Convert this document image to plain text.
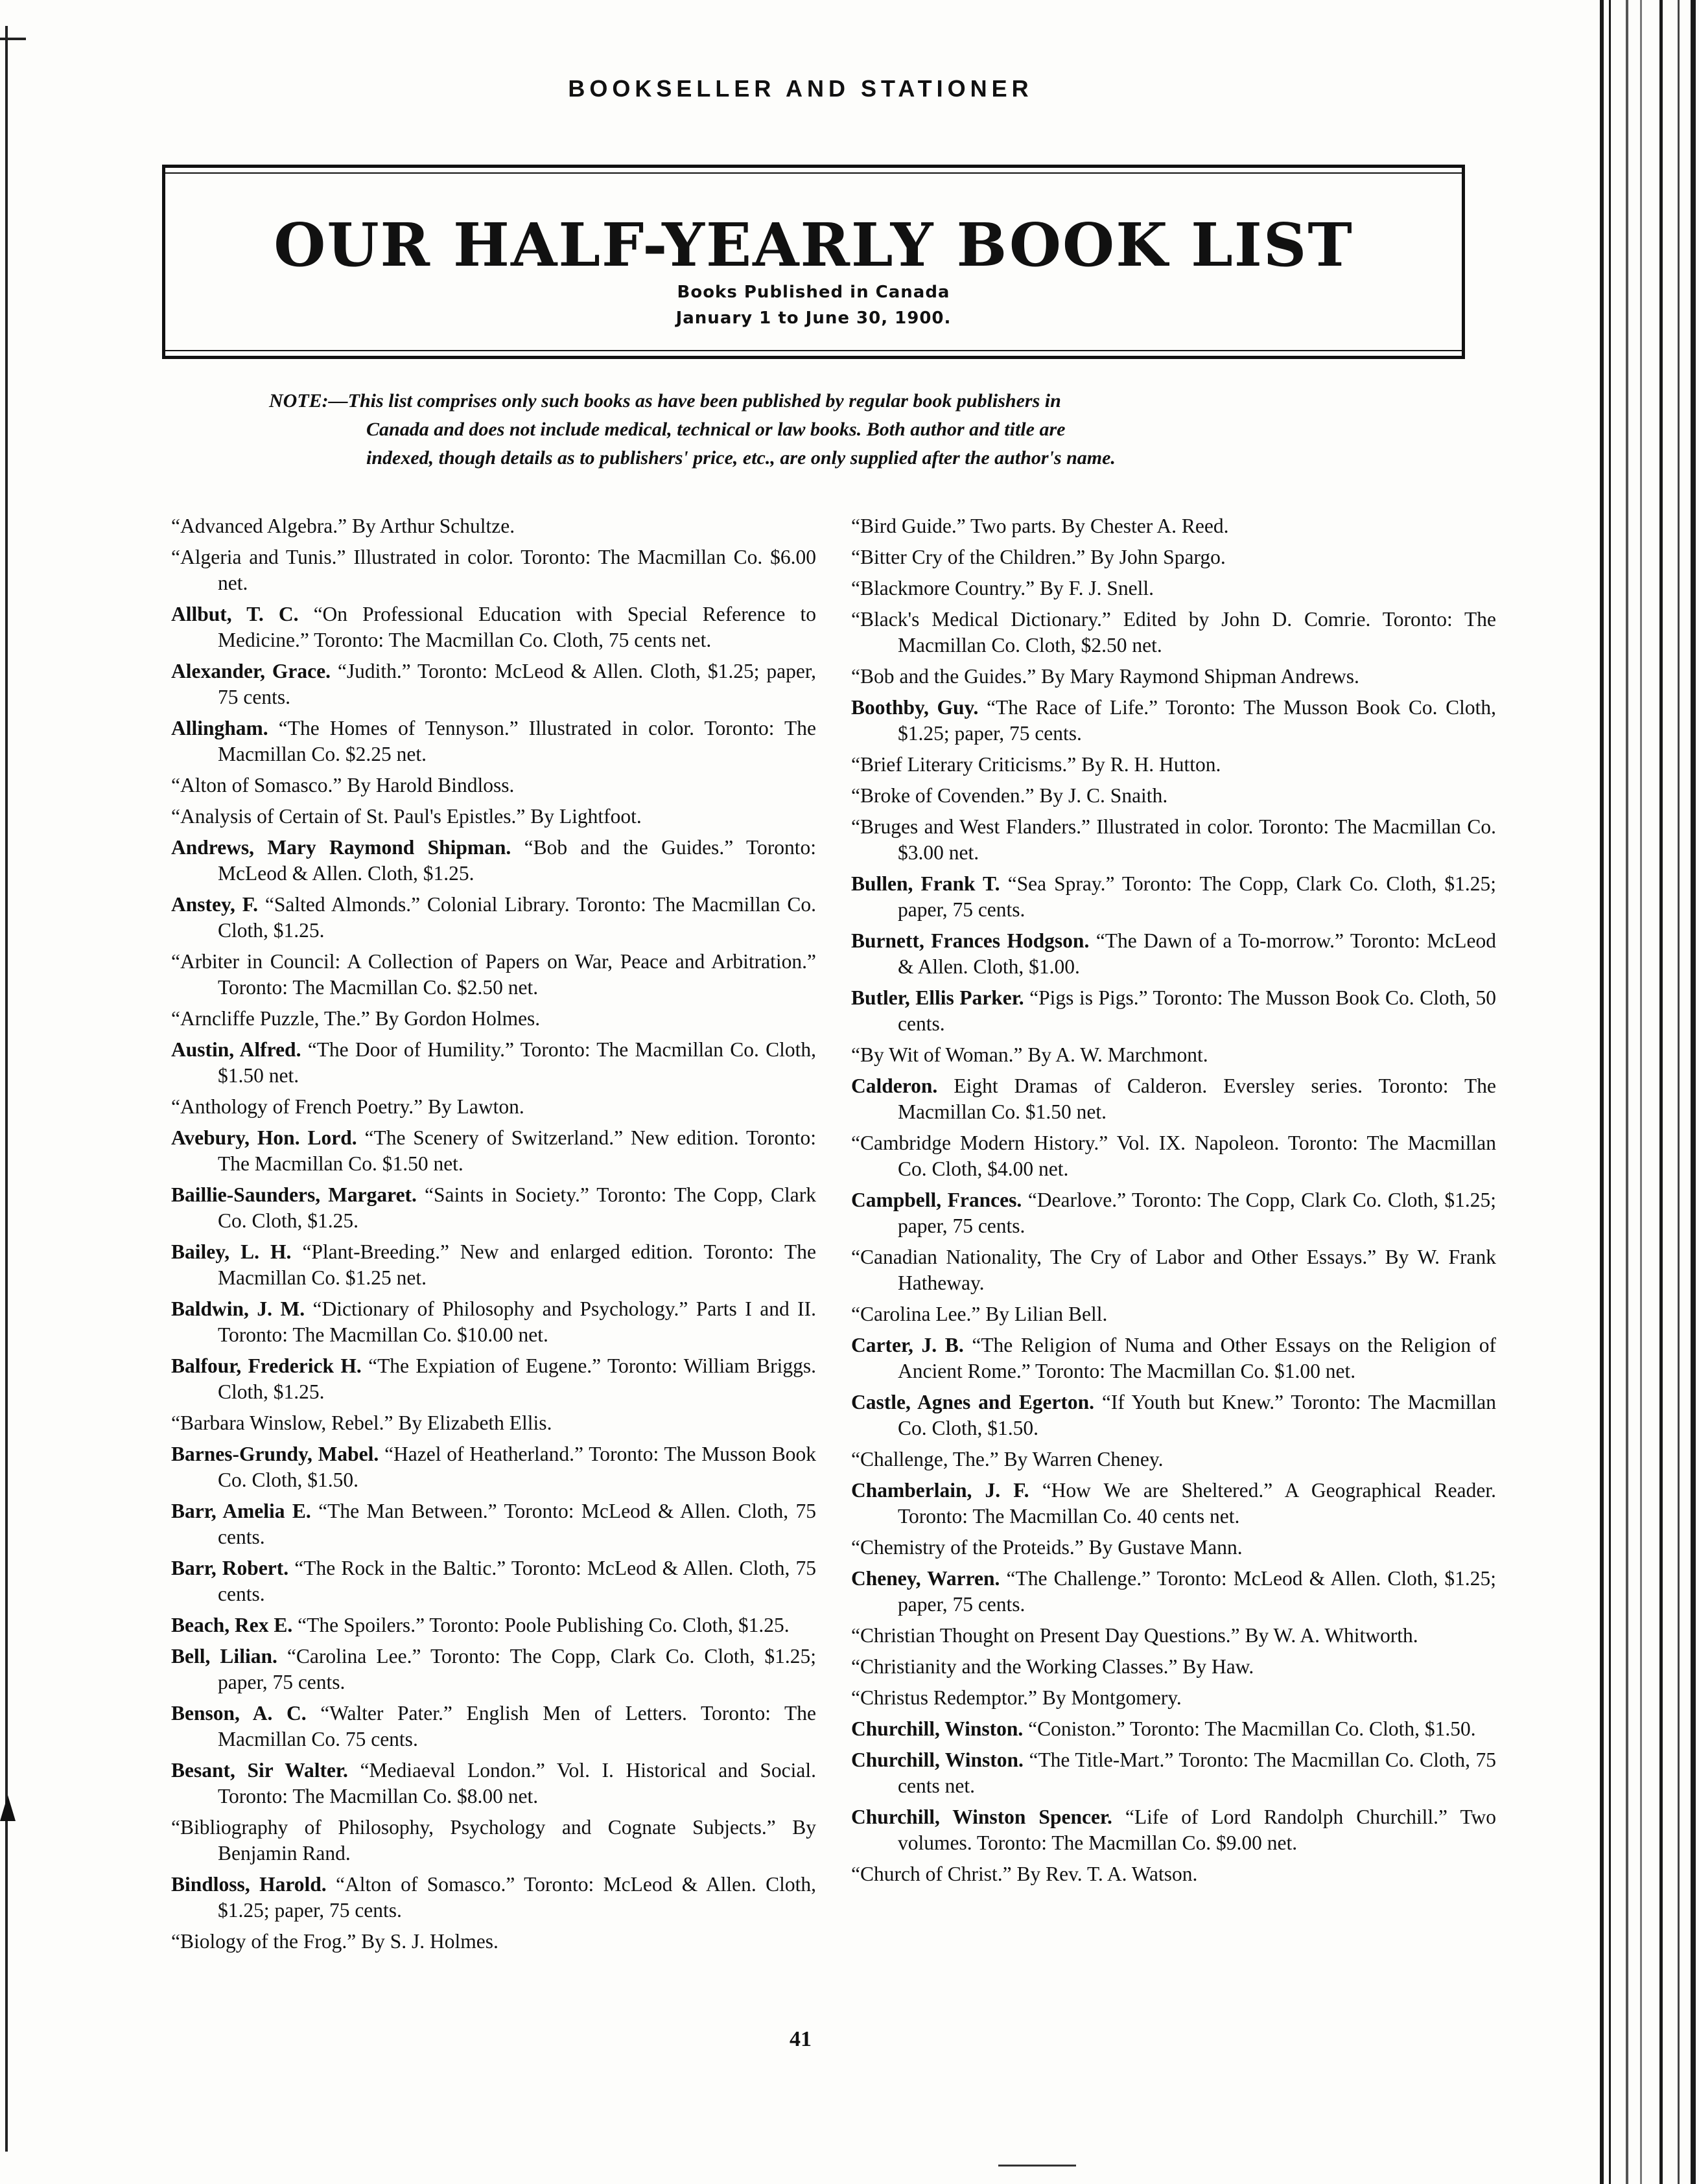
BOOKSELLER AND STATIONER
OUR HALF-YEARLY BOOK LIST
Books Published in Canada
January 1 to June 30, 1900.
NOTE:—This list comprises only such books as have been published by regular book publishers in
Canada and does not include medical, technical or law books. Both author and title are
indexed, though details as to publishers' price, etc., are only supplied after the author's name.
“Advanced Algebra.” By Arthur Schultze.
“Algeria and Tunis.” Illustrated in color. Toronto: The Macmillan Co. $6.00 net.
Allbut, T. C. “On Professional Education with Special Reference to Medicine.” Toronto: The Macmillan Co. Cloth, 75 cents net.
Alexander, Grace. “Judith.” Toronto: McLeod & Allen. Cloth, $1.25; paper, 75 cents.
Allingham. “The Homes of Tennyson.” Illustrated in color. Toronto: The Macmillan Co. $2.25 net.
“Alton of Somasco.” By Harold Bindloss.
“Analysis of Certain of St. Paul's Epistles.” By Lightfoot.
Andrews, Mary Raymond Shipman. “Bob and the Guides.” Toronto: McLeod & Allen. Cloth, $1.25.
Anstey, F. “Salted Almonds.” Colonial Library. Toronto: The Macmillan Co. Cloth, $1.25.
“Arbiter in Council: A Collection of Papers on War, Peace and Arbitration.” Toronto: The Macmillan Co. $2.50 net.
“Arncliffe Puzzle, The.” By Gordon Holmes.
Austin, Alfred. “The Door of Humility.” Toronto: The Macmillan Co. Cloth, $1.50 net.
“Anthology of French Poetry.” By Lawton.
Avebury, Hon. Lord. “The Scenery of Switzerland.” New edition. Toronto: The Macmillan Co. $1.50 net.
Baillie-Saunders, Margaret. “Saints in Society.” Toronto: The Copp, Clark Co. Cloth, $1.25.
Bailey, L. H. “Plant-Breeding.” New and enlarged edition. Toronto: The Macmillan Co. $1.25 net.
Baldwin, J. M. “Dictionary of Philosophy and Psychology.” Parts I and II. Toronto: The Macmillan Co. $10.00 net.
Balfour, Frederick H. “The Expiation of Eugene.” Toronto: William Briggs. Cloth, $1.25.
“Barbara Winslow, Rebel.” By Elizabeth Ellis.
Barnes-Grundy, Mabel. “Hazel of Heatherland.” Toronto: The Musson Book Co. Cloth, $1.50.
Barr, Amelia E. “The Man Between.” Toronto: McLeod & Allen. Cloth, 75 cents.
Barr, Robert. “The Rock in the Baltic.” Toronto: McLeod & Allen. Cloth, 75 cents.
Beach, Rex E. “The Spoilers.” Toronto: Poole Publishing Co. Cloth, $1.25.
Bell, Lilian. “Carolina Lee.” Toronto: The Copp, Clark Co. Cloth, $1.25; paper, 75 cents.
Benson, A. C. “Walter Pater.” English Men of Letters. Toronto: The Macmillan Co. 75 cents.
Besant, Sir Walter. “Mediaeval London.” Vol. I. Historical and Social. Toronto: The Macmillan Co. $8.00 net.
“Bibliography of Philosophy, Psychology and Cognate Subjects.” By Benjamin Rand.
Bindloss, Harold. “Alton of Somasco.” Toronto: McLeod & Allen. Cloth, $1.25; paper, 75 cents.
“Biology of the Frog.” By S. J. Holmes.
“Bird Guide.” Two parts. By Chester A. Reed.
“Bitter Cry of the Children.” By John Spargo.
“Blackmore Country.” By F. J. Snell.
“Black's Medical Dictionary.” Edited by John D. Comrie. Toronto: The Macmillan Co. Cloth, $2.50 net.
“Bob and the Guides.” By Mary Raymond Shipman Andrews.
Boothby, Guy. “The Race of Life.” Toronto: The Musson Book Co. Cloth, $1.25; paper, 75 cents.
“Brief Literary Criticisms.” By R. H. Hutton.
“Broke of Covenden.” By J. C. Snaith.
“Bruges and West Flanders.” Illustrated in color. Toronto: The Macmillan Co. $3.00 net.
Bullen, Frank T. “Sea Spray.” Toronto: The Copp, Clark Co. Cloth, $1.25; paper, 75 cents.
Burnett, Frances Hodgson. “The Dawn of a To-morrow.” Toronto: McLeod & Allen. Cloth, $1.00.
Butler, Ellis Parker. “Pigs is Pigs.” Toronto: The Musson Book Co. Cloth, 50 cents.
“By Wit of Woman.” By A. W. Marchmont.
Calderon. Eight Dramas of Calderon. Eversley series. Toronto: The Macmillan Co. $1.50 net.
“Cambridge Modern History.” Vol. IX. Napoleon. Toronto: The Macmillan Co. Cloth, $4.00 net.
Campbell, Frances. “Dearlove.” Toronto: The Copp, Clark Co. Cloth, $1.25; paper, 75 cents.
“Canadian Nationality, The Cry of Labor and Other Essays.” By W. Frank Hatheway.
“Carolina Lee.” By Lilian Bell.
Carter, J. B. “The Religion of Numa and Other Essays on the Religion of Ancient Rome.” Toronto: The Macmillan Co. $1.00 net.
Castle, Agnes and Egerton. “If Youth but Knew.” Toronto: The Macmillan Co. Cloth, $1.50.
“Challenge, The.” By Warren Cheney.
Chamberlain, J. F. “How We are Sheltered.” A Geographical Reader. Toronto: The Macmillan Co. 40 cents net.
“Chemistry of the Proteids.” By Gustave Mann.
Cheney, Warren. “The Challenge.” Toronto: McLeod & Allen. Cloth, $1.25; paper, 75 cents.
“Christian Thought on Present Day Questions.” By W. A. Whitworth.
“Christianity and the Working Classes.” By Haw.
“Christus Redemptor.” By Montgomery.
Churchill, Winston. “Coniston.” Toronto: The Macmillan Co. Cloth, $1.50.
Churchill, Winston. “The Title-Mart.” Toronto: The Macmillan Co. Cloth, 75 cents net.
Churchill, Winston Spencer. “Life of Lord Randolph Churchill.” Two volumes. Toronto: The Macmillan Co. $9.00 net.
“Church of Christ.” By Rev. T. A. Watson.
41
